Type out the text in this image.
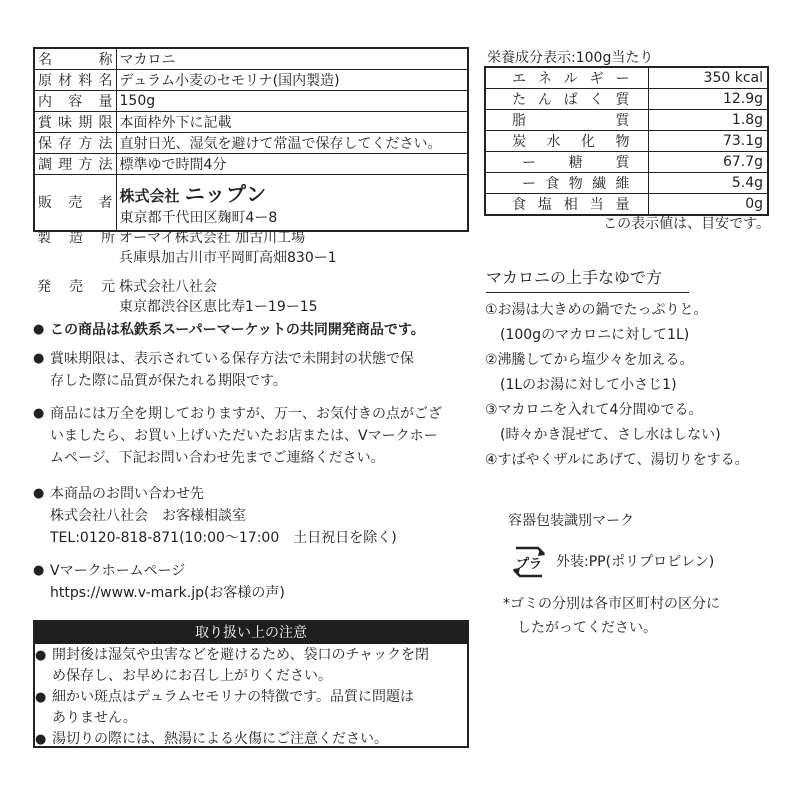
名称	マカロニ
原材料名	デュラム小麦のセモリナ(国内製造)
内容量	150g
賞味期限	本面枠外下に記載
保存方法	直射日光、湿気を避けて常温で保存してください。
調理方法	標準ゆで時間4分
販売者	株式会社 ニップン
東京都千代田区麹町4ー8
製造所 オーマイ株式会社 加古川工場
兵庫県加古川市平岡町高畑830ー1
発売元 株式会社八社会
東京都渋谷区恵比寿1ー19ー15
● この商品は私鉄系スーパーマーケットの共同開発商品です。
● 賞味期限は、表示されている保存方法で未開封の状態で保
存した際に品質が保たれる期限です。
● 商品には万全を期しておりますが、万一、お気付きの点がござ
いましたら、お買い上げいただいたお店または、Vマークホー
ムページ、下記お問い合わせ先までご連絡ください。
● 本商品のお問い合わせ先
株式会社八社会　お客様相談室
TEL:0120-818-871(10:00～17:00　土日祝日を除く)
● Vマークホームページ
https://www.v-mark.jp(お客様の声)
取り扱い上の注意
● 開封後は湿気や虫害などを避けるため、袋口のチャックを閉
め保存し、お早めにお召し上がりください。
● 細かい斑点はデュラムセモリナの特徴です。品質に問題は
ありません。
● 湯切りの際には、熱湯による火傷にご注意ください。
栄養成分表示:100g当たり
エネルギー	350 kcal
たんぱく質	12.9g
脂質	1.8g
炭水化物	73.1g
ー糖質	67.7g
ー食物繊維	5.4g
食塩相当量	0g
この表示値は、目安です。
マカロニの上手なゆで方
①お湯は大きめの鍋でたっぷりと。
(100gのマカロニに対して1L)
②沸騰してから塩少々を加える。
(1Lのお湯に対して小さじ1)
③マカロニを入れて4分間ゆでる。
(時々かき混ぜて、さし水はしない)
④すばやくザルにあげて、湯切りをする。
容器包装識別マーク
プラ 外装:PP(ポリプロピレン)
*ゴミの分別は各市区町村の区分に
したがってください。
